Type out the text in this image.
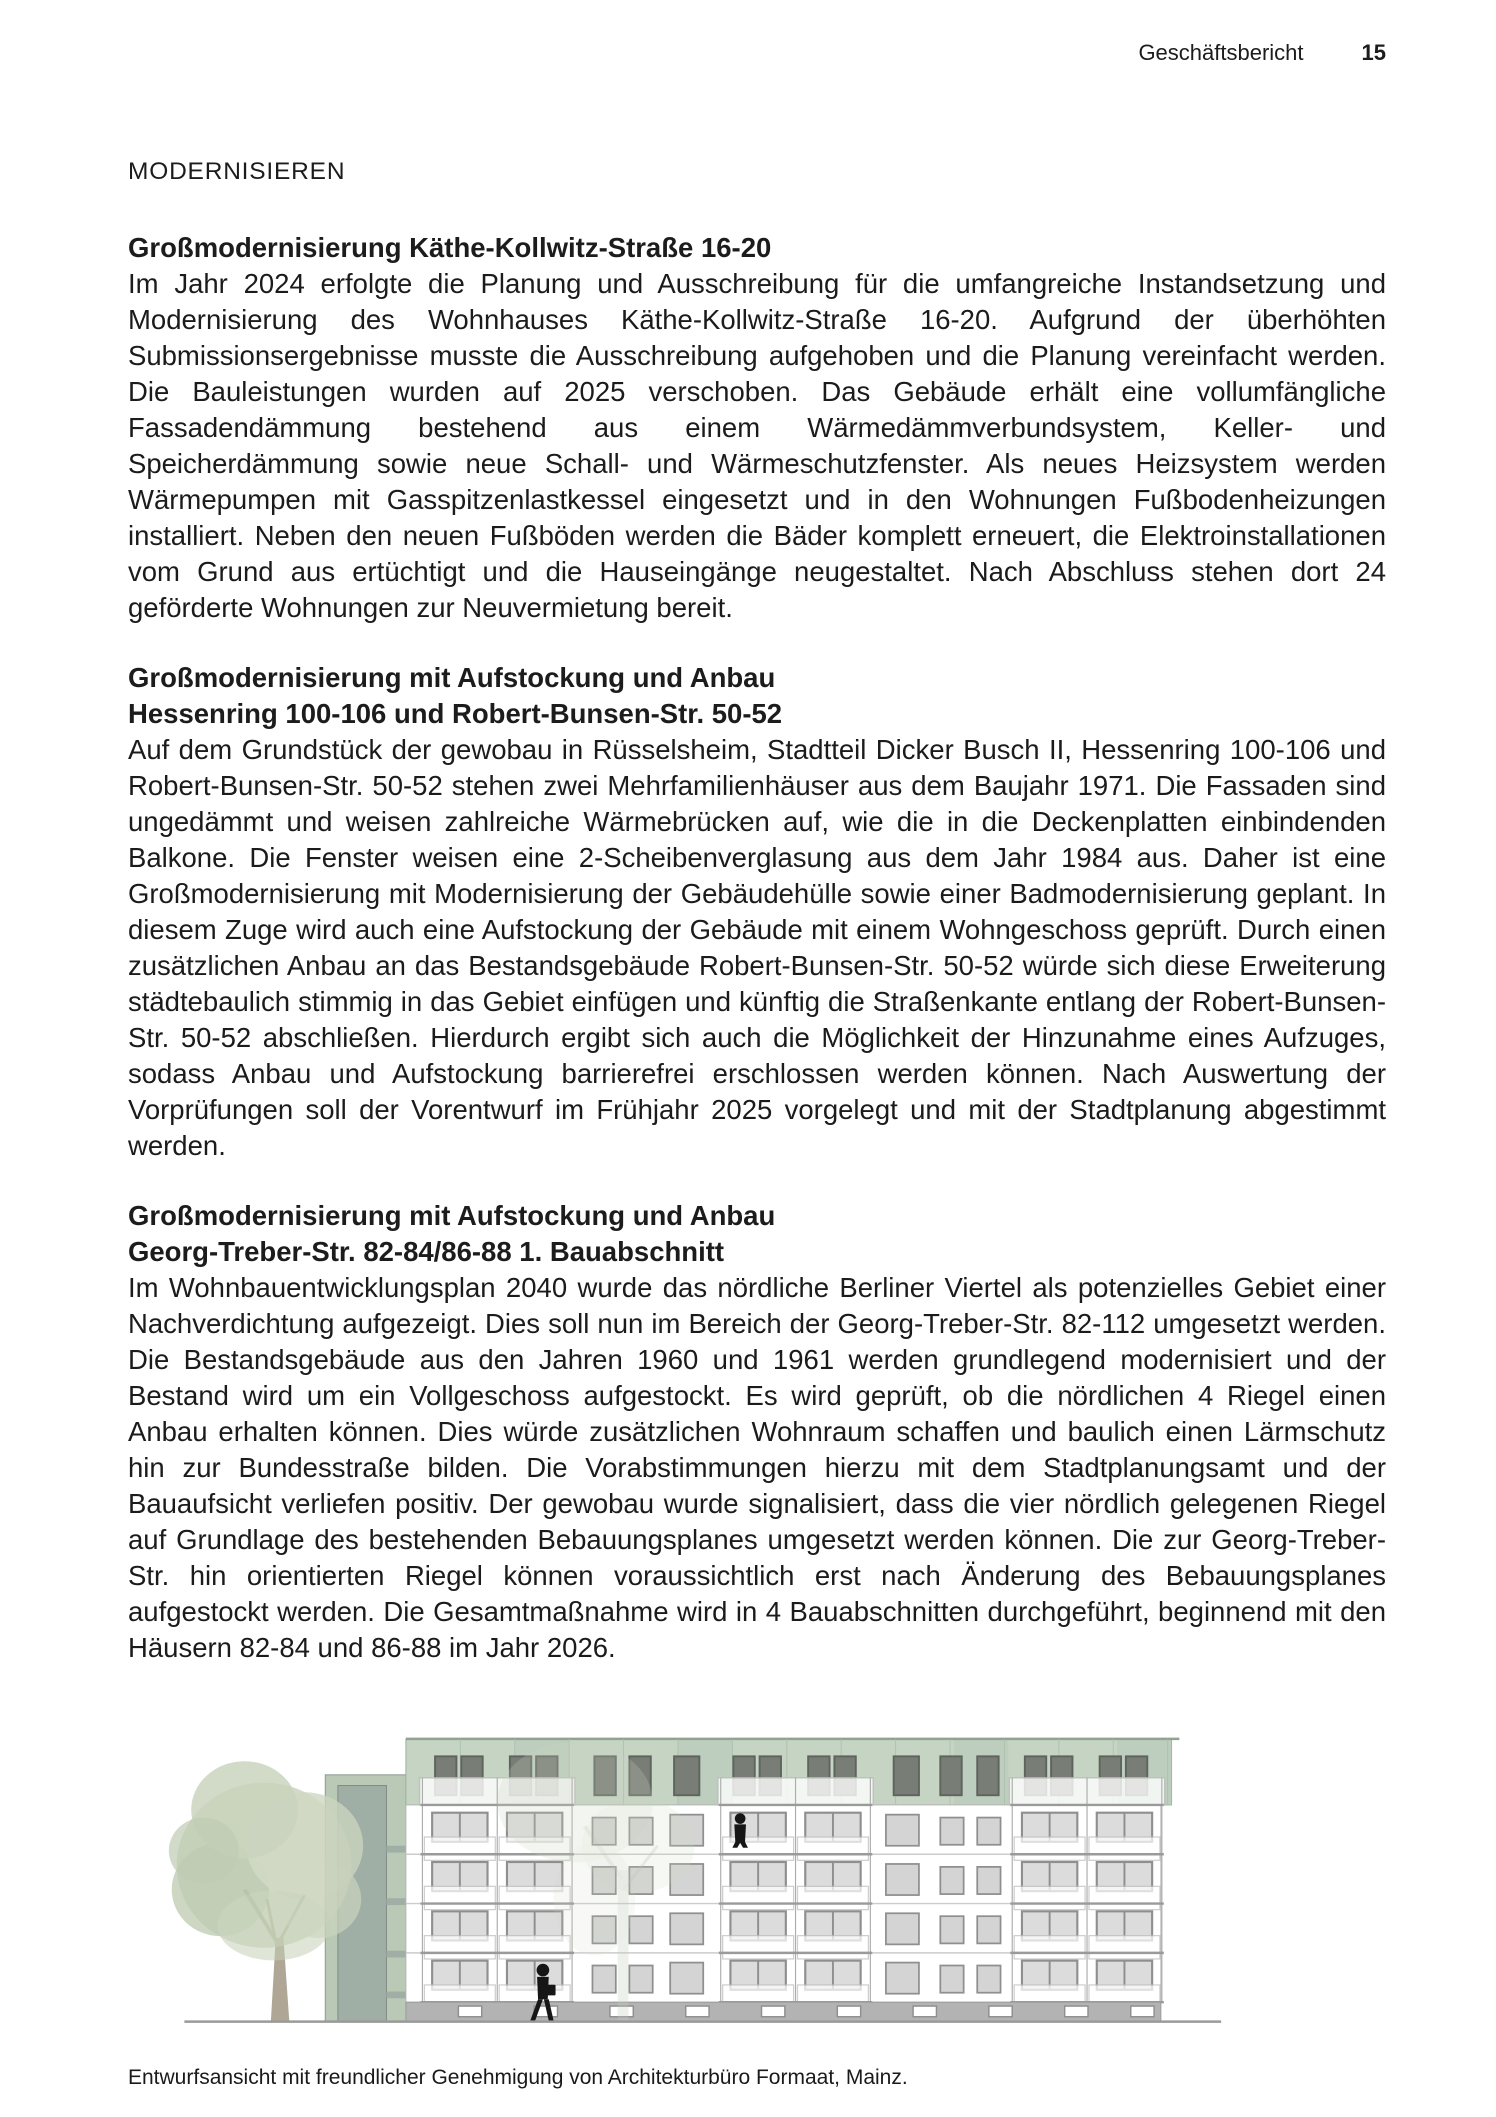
Geschäftsbericht	15
MODERNISIEREN
Großmodernisierung Käthe-Kollwitz-Straße 16-20

Im Jahr 2024 erfolgte die Planung und Ausschreibung für die umfangreiche Instandsetzung und Modernisierung des Wohnhauses Käthe-Kollwitz-Straße 16-20. Aufgrund der überhöhten Submissionsergebnisse musste die Ausschreibung aufgehoben und die Planung vereinfacht werden. Die Bauleistungen wurden auf 2025 verschoben. Das Gebäude erhält eine vollumfängliche Fassadendämmung bestehend aus einem Wärmedämmverbundsystem, Keller- und Speicherdämmung sowie neue Schall- und Wärmeschutzfenster. Als neues Heizsystem werden Wärmepumpen mit Gasspitzenlastkessel eingesetzt und in den Wohnungen Fußbodenheizungen installiert. Neben den neuen Fußböden werden die Bäder komplett erneuert, die Elektroinstallationen vom Grund aus ertüchtigt und die Hauseingänge neugestaltet. Nach Abschluss stehen dort 24 geförderte Wohnungen zur Neuvermietung bereit.

Großmodernisierung mit Aufstockung und Anbau
Hessenring 100-106 und Robert-Bunsen-Str. 50-52

Auf dem Grundstück der gewobau in Rüsselsheim, Stadtteil Dicker Busch II, Hessenring 100-106 und Robert-Bunsen-Str. 50-52 stehen zwei Mehrfamilienhäuser aus dem Baujahr 1971. Die Fassaden sind ungedämmt und weisen zahlreiche Wärmebrücken auf, wie die in die Deckenplatten einbindenden Balkone. Die Fenster weisen eine 2-Scheibenverglasung aus dem Jahr 1984 aus. Daher ist eine Großmodernisierung mit Modernisierung der Gebäudehülle sowie einer Badmodernisierung geplant. In diesem Zuge wird auch eine Aufstockung der Gebäude mit einem Wohngeschoss geprüft. Durch einen zusätzlichen Anbau an das Bestandsgebäude Robert-Bunsen-Str. 50-52 würde sich diese Erweiterung städtebaulich stimmig in das Gebiet einfügen und künftig die Straßenkante entlang der Robert-Bunsen-Str. 50-52 abschließen. Hierdurch ergibt sich auch die Möglichkeit der Hinzunahme eines Aufzuges, sodass Anbau und Aufstockung barrierefrei erschlossen werden können. Nach Auswertung der Vorprüfungen soll der Vorentwurf im Frühjahr 2025 vorgelegt und mit der Stadtplanung abgestimmt werden.

Großmodernisierung mit Aufstockung und Anbau
Georg-Treber-Str. 82-84/86-88 1. Bauabschnitt

Im Wohnbauentwicklungsplan 2040 wurde das nördliche Berliner Viertel als potenzielles Gebiet einer Nachverdichtung aufgezeigt. Dies soll nun im Bereich der Georg-Treber-Str. 82-112 umgesetzt werden. Die Bestandsgebäude aus den Jahren 1960 und 1961 werden grundlegend modernisiert und der Bestand wird um ein Vollgeschoss aufgestockt. Es wird geprüft, ob die nördlichen 4 Riegel einen Anbau erhalten können. Dies würde zusätzlichen Wohnraum schaffen und baulich einen Lärmschutz hin zur Bundesstraße bilden. Die Vorabstimmungen hierzu mit dem Stadtplanungsamt und der Bauaufsicht verliefen positiv. Der gewobau wurde signalisiert, dass die vier nördlich gelegenen Riegel auf Grundlage des bestehenden Bebauungsplanes umgesetzt werden können. Die zur Georg-Treber-Str. hin orientierten Riegel können voraussichtlich erst nach Änderung des Bebauungsplanes aufgestockt werden. Die Gesamtmaßnahme wird in 4 Bauabschnitten durchgeführt, beginnend mit den Häusern 82-84 und 86-88 im Jahr 2026.

Entwurfsansicht mit freundlicher Genehmigung von Architekturbüro Formaat, Mainz.
